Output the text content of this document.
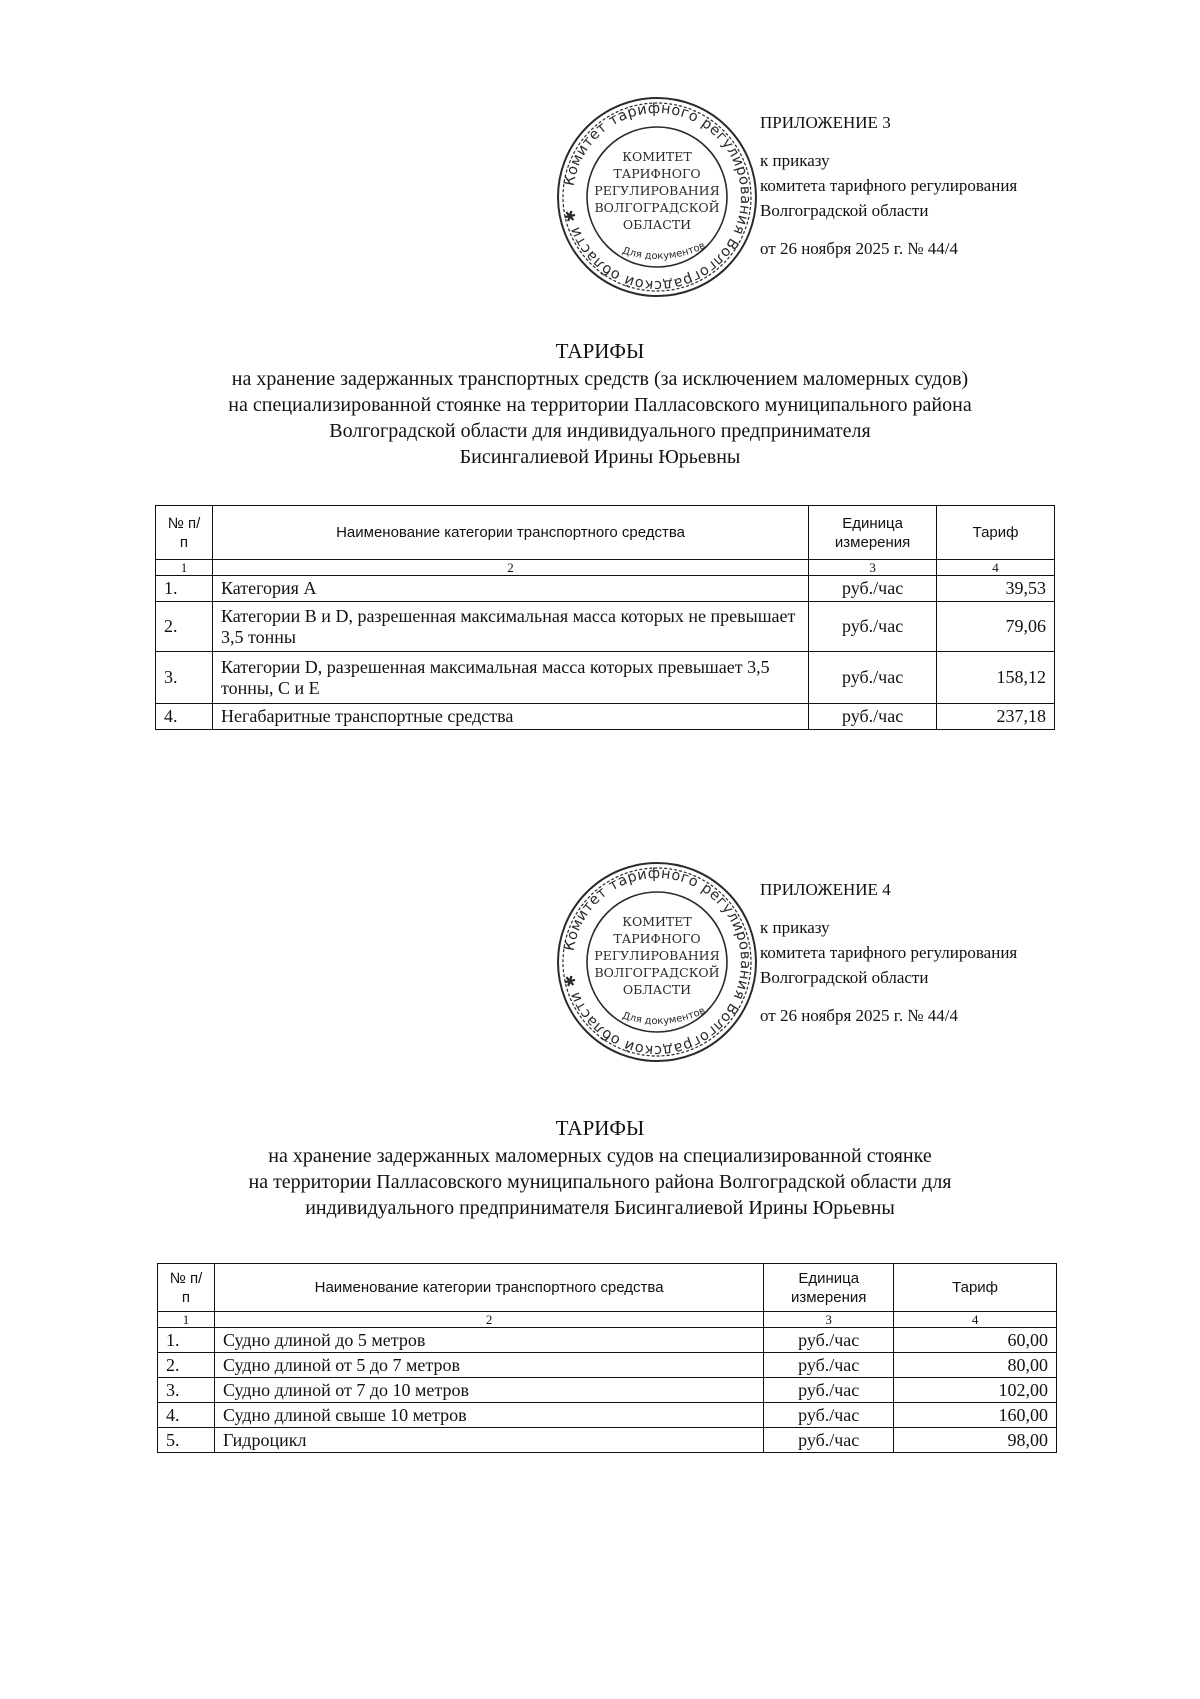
Комитет тарифного регулирования Волгоградской области ✱
КОМИТЕТ
ТАРИФНОГО
РЕГУЛИРОВАНИЯ
ВОЛГОГРАДСКОЙ
ОБЛАСТИ
Для документов
ПРИЛОЖЕНИЕ 3
к приказу
комитета тарифного регулирования
Волгоградской области
от 26 ноября 2025 г. № 44/4
ТАРИФЫ
на хранение задержанных транспортных средств (за исключением маломерных судов)
на специализированной стоянке на территории Палласовского муниципального района
Волгоградской области для индивидуального предпринимателя
Бисингалиевой Ирины Юрьевны
№ п/п	Наименование категории транспортного средства	Единица измерения	Тариф
1	2	3	4
1.	Категория А	руб./час	39,53
2.	Категории B и D, разрешенная максимальная масса которых не превышает 3,5 тонны	руб./час	79,06
3.	Категории D, разрешенная максимальная масса которых превышает 3,5 тонны, С и Е	руб./час	158,12
4.	Негабаритные транспортные средства	руб./час	237,18
Комитет тарифного регулирования Волгоградской области ✱
КОМИТЕТ
ТАРИФНОГО
РЕГУЛИРОВАНИЯ
ВОЛГОГРАДСКОЙ
ОБЛАСТИ
Для документов
ПРИЛОЖЕНИЕ 4
к приказу
комитета тарифного регулирования
Волгоградской области
от 26 ноября 2025 г. № 44/4
ТАРИФЫ
на хранение задержанных маломерных судов на специализированной стоянке
на территории Палласовского муниципального района Волгоградской области для
индивидуального предпринимателя Бисингалиевой Ирины Юрьевны
№ п/п	Наименование категории транспортного средства	Единица измерения	Тариф
1	2	3	4
1.	Судно длиной до 5 метров	руб./час	60,00
2.	Судно длиной от 5 до 7 метров	руб./час	80,00
3.	Судно длиной от 7 до 10 метров	руб./час	102,00
4.	Судно длиной свыше 10 метров	руб./час	160,00
5.	Гидроцикл	руб./час	98,00
